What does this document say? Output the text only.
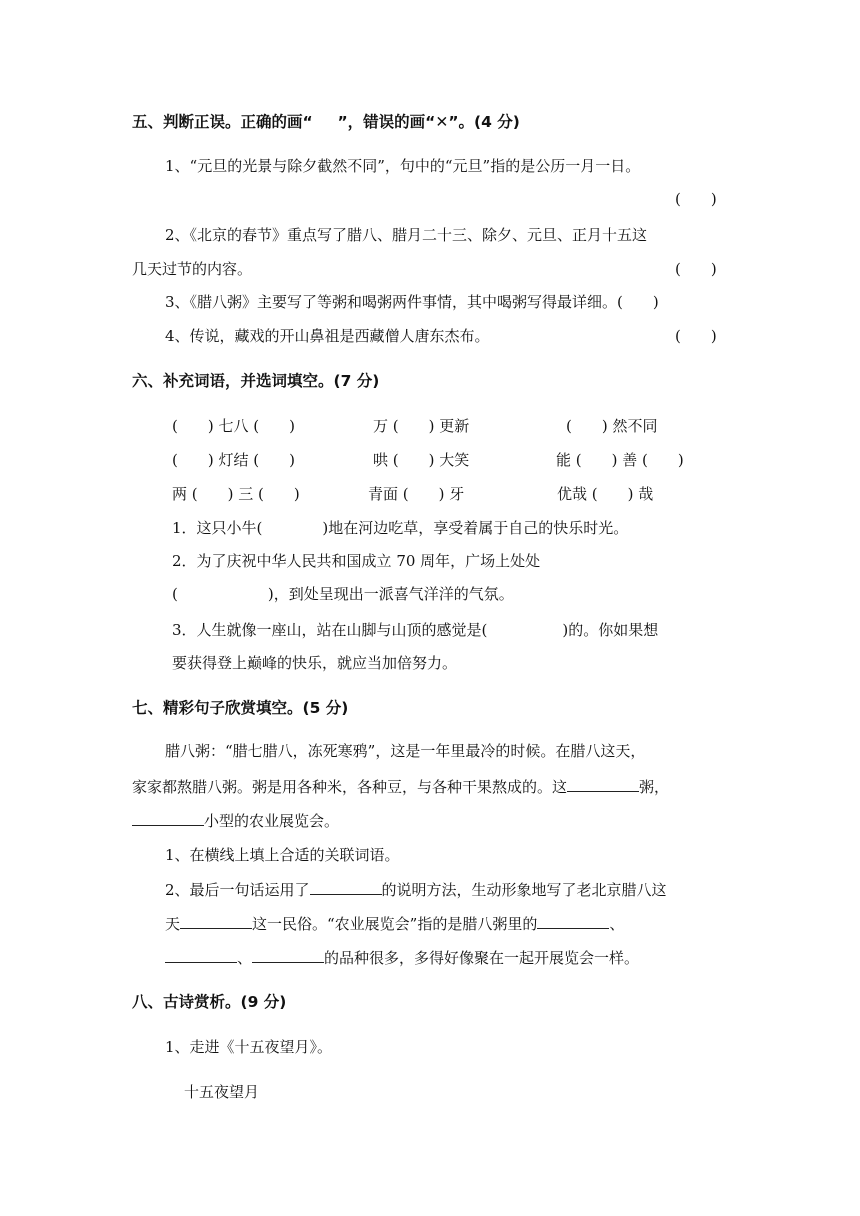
五、判断正误。正确的画“  ”，错误的画“✕”。(4 分)
1、“元旦的光景与除夕截然不同”，句中的“元旦”指的是公历一月一日。
(　　)
2、《北京的春节》重点写了腊八、腊月二十三、除夕、元旦、正月十五这
几天过节的内容。	(　　)
3、《腊八粥》主要写了等粥和喝粥两件事情，其中喝粥写得最详细。(　　)
4、传说，藏戏的开山鼻祖是西藏僧人唐东杰布。	(　　)
六、补充词语，并选词填空。(7 分)
(　　) 七八 (　　)	万 (　　) 更新	(　　) 然不同
(　　) 灯结 (　　)	哄 (　　) 大笑	能 (　　) 善 (　　)
两 (　　) 三 (　　)	青面 (　　) 牙	优哉 (　　) 哉
1．这只小牛(　　　　)地在河边吃草，享受着属于自己的快乐时光。
2．为了庆祝中华人民共和国成立 70 周年，广场上处处
(　　　　　　)，到处呈现出一派喜气洋洋的气氛。
3．人生就像一座山，站在山脚与山顶的感觉是(　　　　　)的。你如果想
要获得登上巅峰的快乐，就应当加倍努力。
七、精彩句子欣赏填空。(5 分)
腊八粥：“腊七腊八，冻死寒鸦”，这是一年里最冷的时候。在腊八这天，
家家都熬腊八粥。粥是用各种米，各种豆，与各种干果熬成的。这	粥，
小型的农业展览会。
1、在横线上填上合适的关联词语。
2、最后一句话运用了	的说明方法，生动形象地写了老北京腊八这
天	这一民俗。“农业展览会”指的是腊八粥里的	、
、	的品种很多，多得好像聚在一起开展览会一样。
八、古诗赏析。(9 分)
1、走进《十五夜望月》。
十五夜望月
